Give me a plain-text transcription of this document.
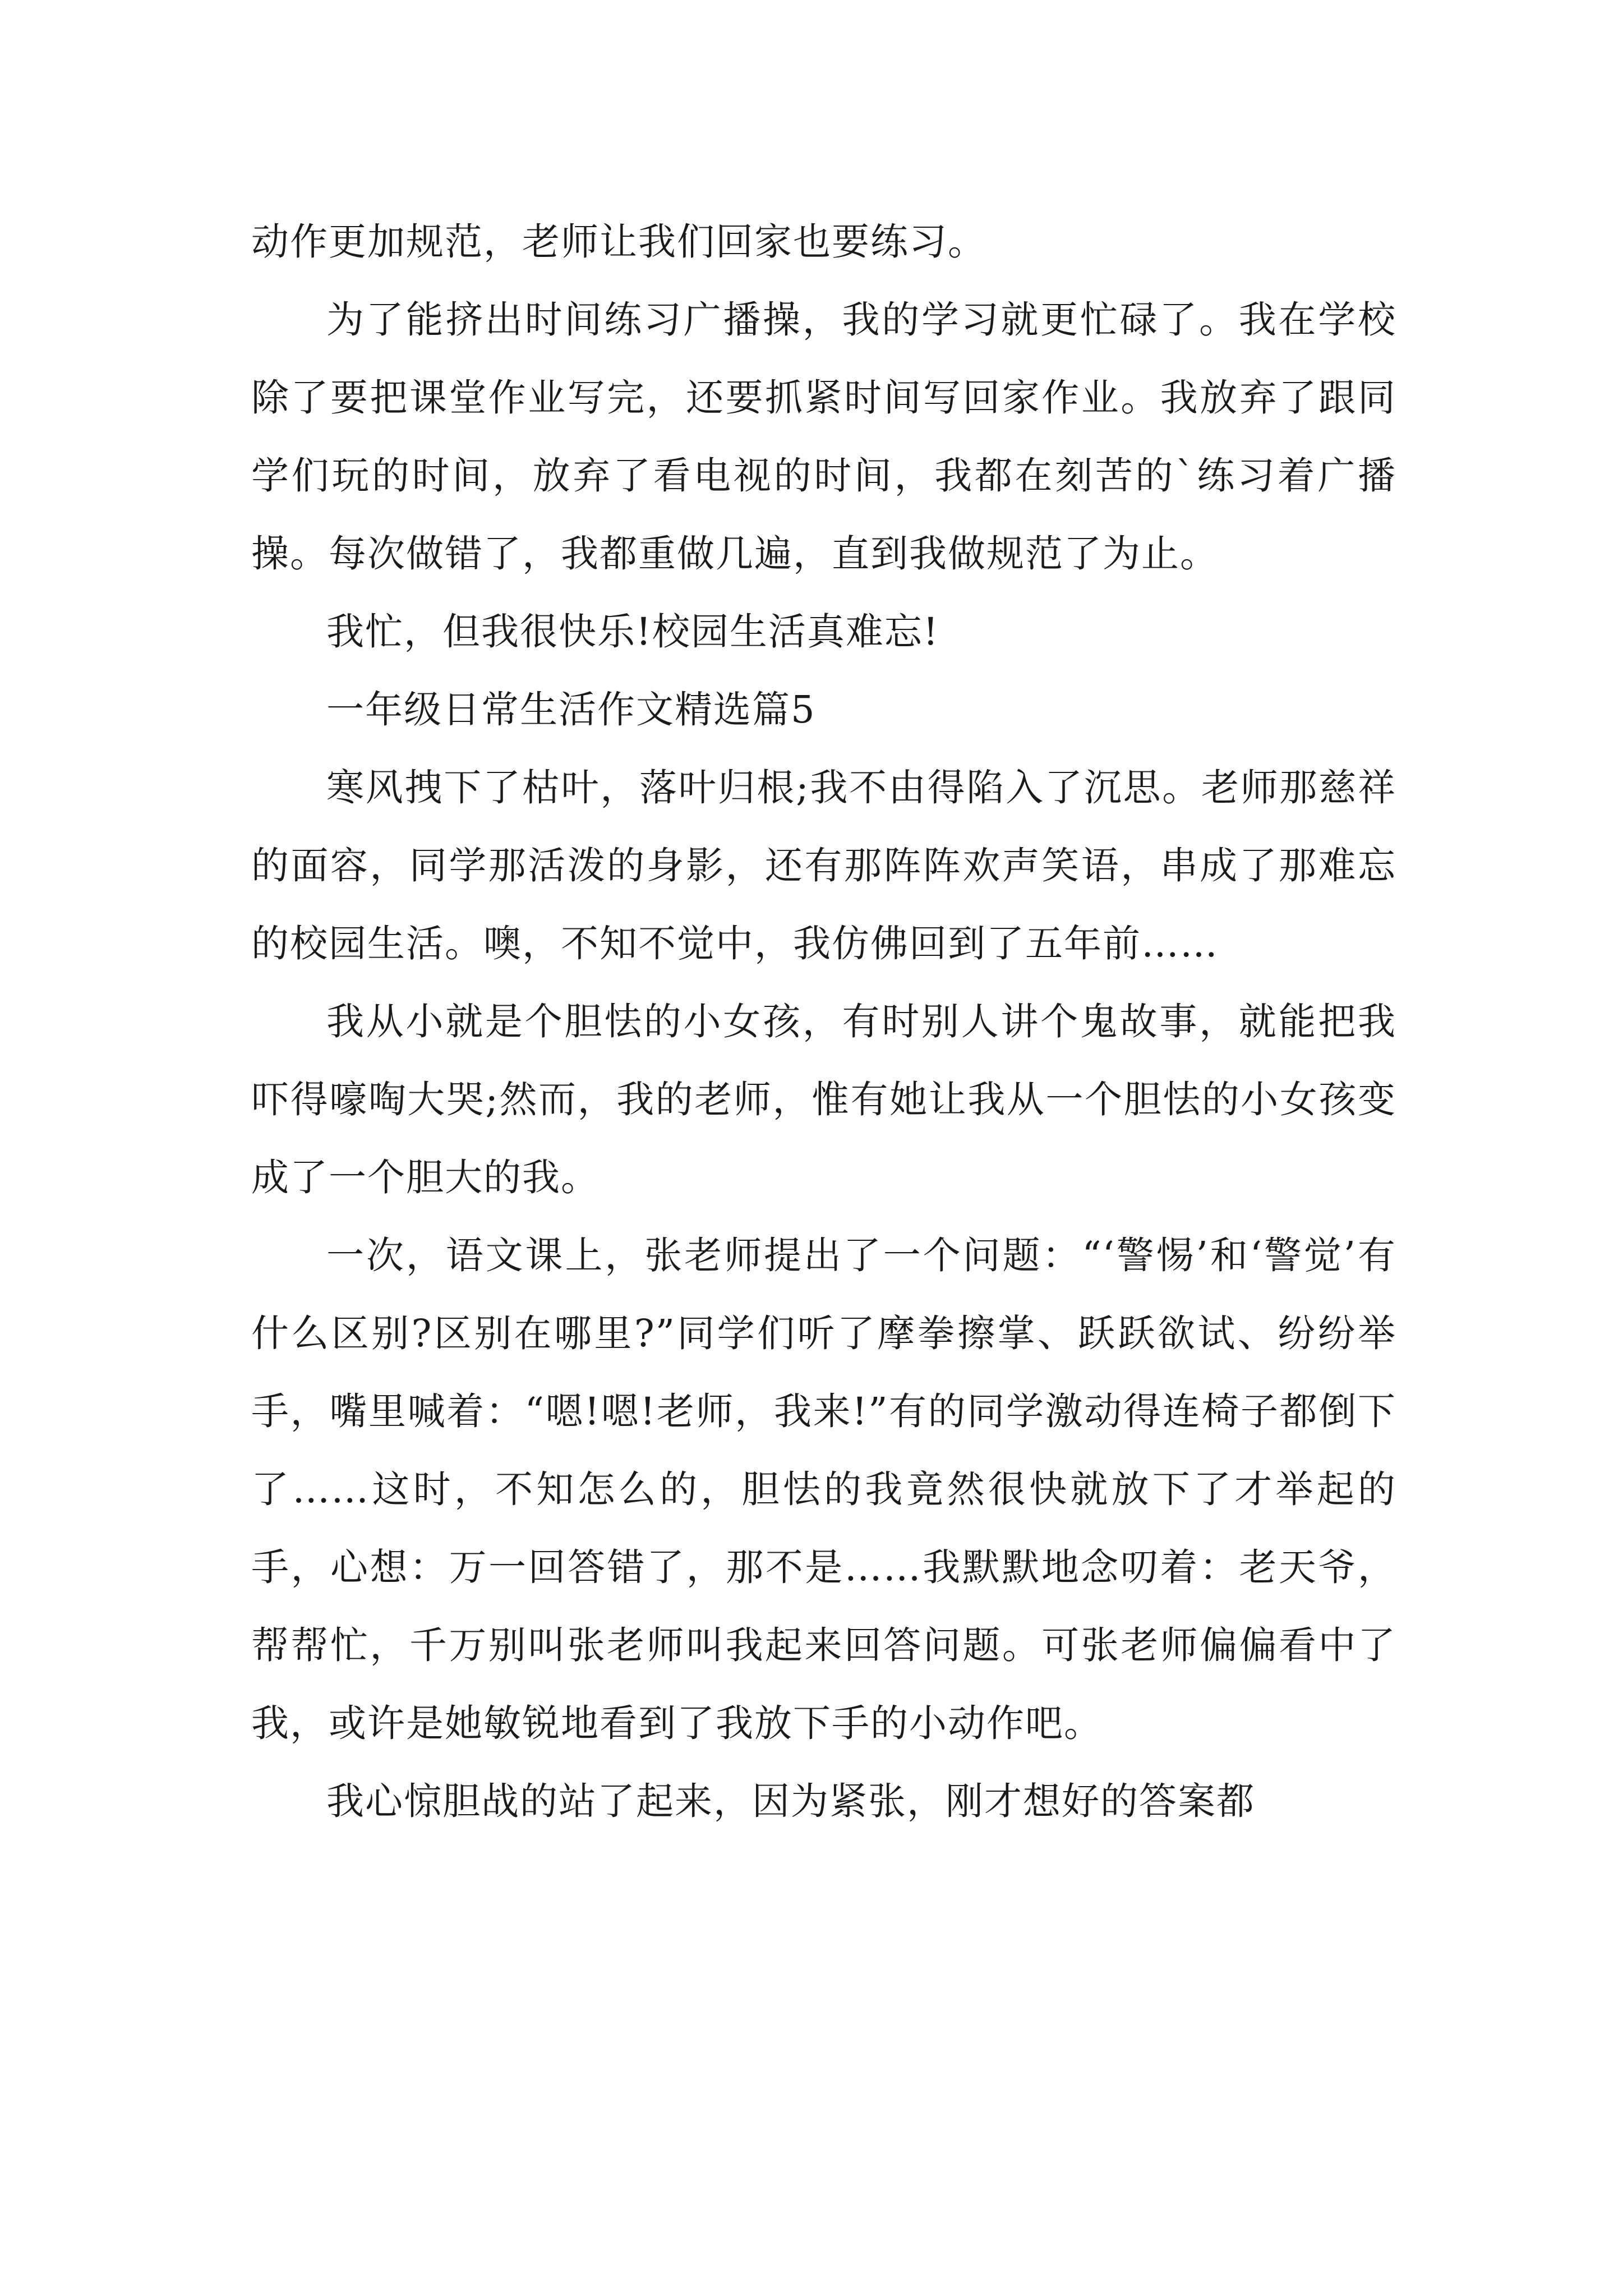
动作更加规范，老师让我们回家也要练习。

为了能挤出时间练习广播操，我的学习就更忙碌了。我在学校除了要把课堂作业写完，还要抓紧时间写回家作业。我放弃了跟同学们玩的时间，放弃了看电视的时间，我都在刻苦的`练习着广播操。每次做错了，我都重做几遍，直到我做规范了为止。

我忙，但我很快乐!校园生活真难忘!

一年级日常生活作文精选篇5

寒风拽下了枯叶，落叶归根;我不由得陷入了沉思。老师那慈祥的面容，同学那活泼的身影，还有那阵阵欢声笑语，串成了那难忘的校园生活。噢，不知不觉中，我仿佛回到了五年前……

我从小就是个胆怯的小女孩，有时别人讲个鬼故事，就能把我吓得嚎啕大哭;然而，我的老师，惟有她让我从一个胆怯的小女孩变成了一个胆大的我。

一次，语文课上，张老师提出了一个问题：“‘警惕’和‘警觉’有什么区别?区别在哪里?”同学们听了摩拳擦掌、跃跃欲试、纷纷举手，嘴里喊着：“嗯!嗯!老师，我来!”有的同学激动得连椅子都倒下了……这时，不知怎么的，胆怯的我竟然很快就放下了才举起的手，心想：万一回答错了，那不是……我默默地念叨着：老天爷，帮帮忙，千万别叫张老师叫我起来回答问题。可张老师偏偏看中了我，或许是她敏锐地看到了我放下手的小动作吧。

我心惊胆战的站了起来，因为紧张，刚才想好的答案都
